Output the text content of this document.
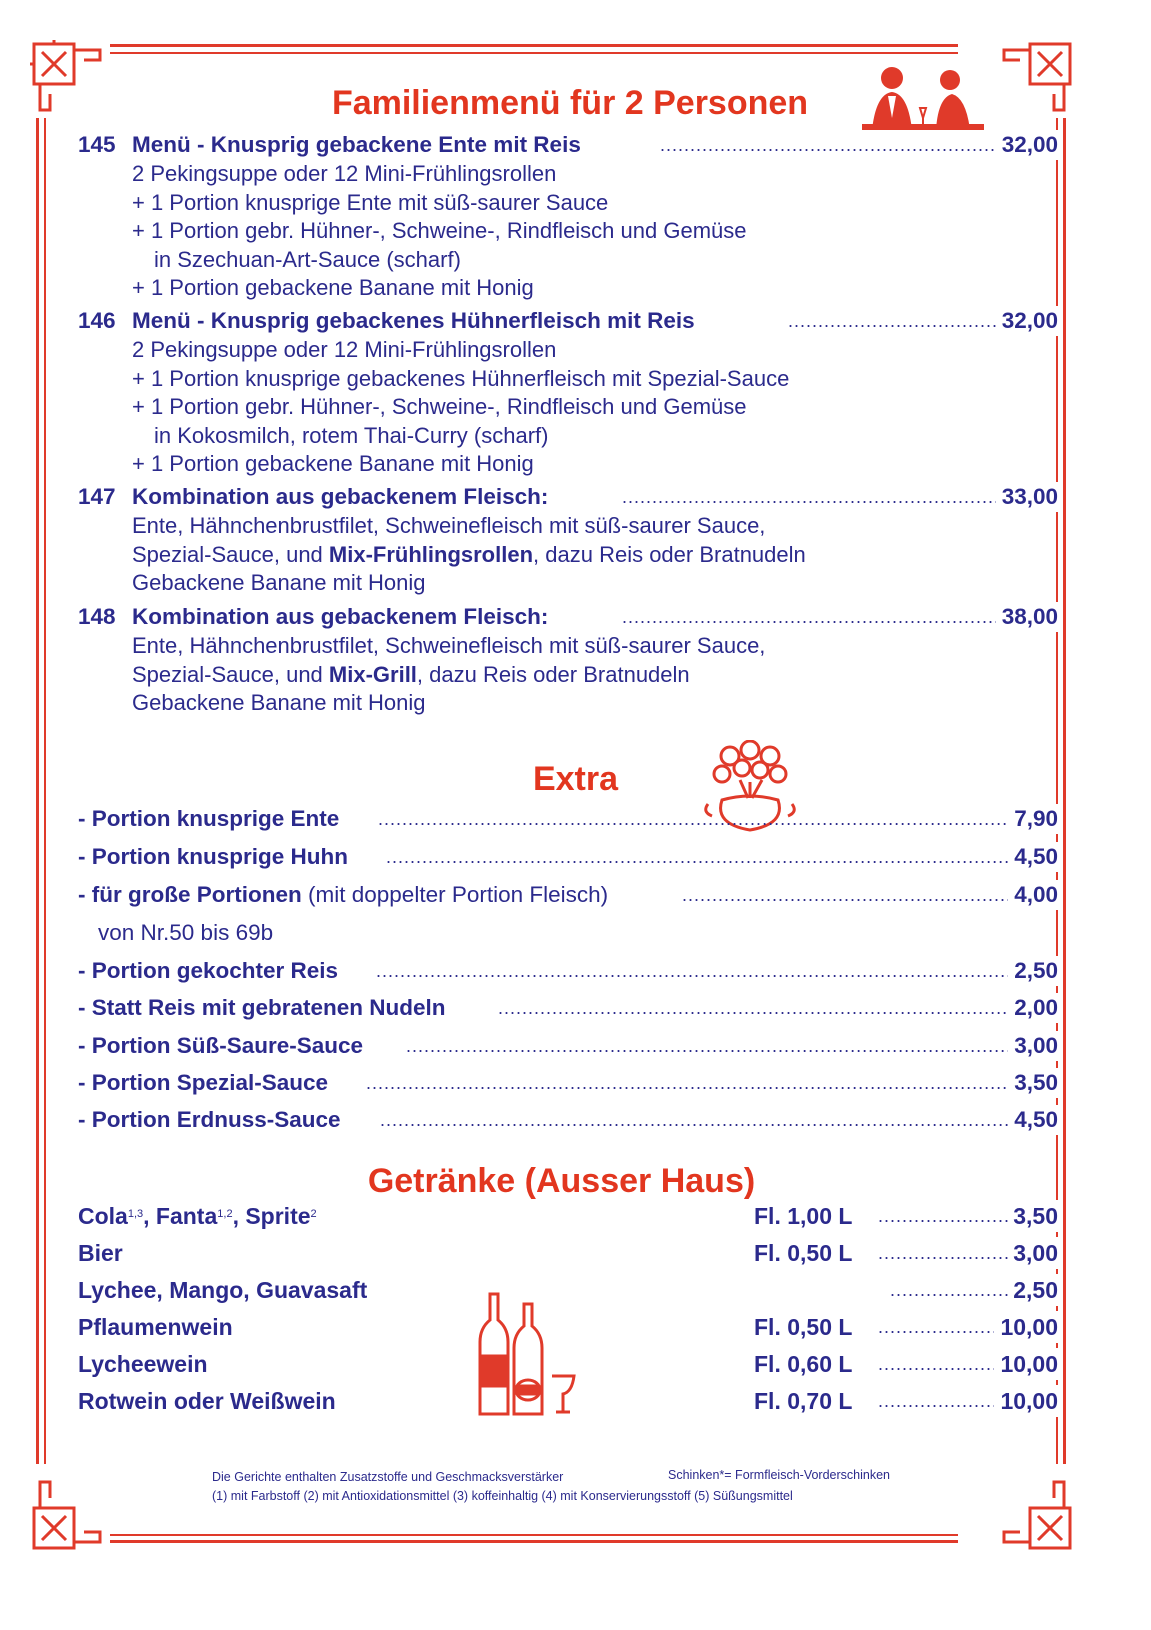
Familienmenü für 2 Personen
145 Menü - Knusprig gebackene Ente mit Reis .....	32,00
2 Pekingsuppe oder 12 Mini-Frühlingsrollen
+ 1 Portion knusprige Ente mit süß-saurer Sauce
+ 1 Portion gebr. Hühner-, Schweine-, Rindfleisch und Gemüse
in Szechuan-Art-Sauce (scharf)
+ 1 Portion gebackene Banane mit Honig
146 Menü - Knusprig gebackenes Hühnerfleisch mit Reis .....	32,00
2 Pekingsuppe oder 12 Mini-Frühlingsrollen
+ 1 Portion knusprige gebackenes Hühnerfleisch mit Spezial-Sauce
+ 1 Portion gebr. Hühner-, Schweine-, Rindfleisch und Gemüse
in Kokosmilch, rotem Thai-Curry (scharf)
+ 1 Portion gebackene Banane mit Honig
147 Kombination aus gebackenem Fleisch: .....	33,00
Ente, Hähnchenbrustfilet, Schweinefleisch mit süß-saurer Sauce,
Spezial-Sauce, und Mix-Frühlingsrollen, dazu Reis oder Bratnudeln
Gebackene Banane mit Honig
148 Kombination aus gebackenem Fleisch: .....	38,00
Ente, Hähnchenbrustfilet, Schweinefleisch mit süß-saurer Sauce,
Spezial-Sauce, und Mix-Grill, dazu Reis oder Bratnudeln
Gebackene Banane mit Honig
Extra
- Portion knusprige Ente .....	7,90
- Portion knusprige Huhn .....	4,50
- für große Portionen (mit doppelter Portion Fleisch) .....	4,00
von Nr.50 bis 69b
- Portion gekochter Reis .....	2,50
- Statt Reis mit gebratenen Nudeln .....	2,00
- Portion Süß-Saure-Sauce .....	3,00
- Portion Spezial-Sauce .....	3,50
- Portion Erdnuss-Sauce .....	4,50
Getränke (Ausser Haus)
Cola$^{1,3}$, Fanta$^{1,2}$, Sprite$^2$	Fl. 1,00 L .....	3,50
Bier	Fl. 0,50 L .....	3,00
Lychee, Mango, Guavasaft .....	2,50
Pflaumenwein	Fl. 0,50 L .....	10,00
Lycheewein	Fl. 0,60 L .....	10,00
Rotwein oder Weißwein	Fl. 0,70 L .....	10,00
Die Gerichte enthalten Zusatzstoffe und Geschmacksverstärker	Schinken*= Formfleisch-Vorderschinken
(1) mit Farbstoff (2) mit Antioxidationsmittel (3) koffeinhaltig (4) mit Konservierungsstoff (5) Süßungsmittel
